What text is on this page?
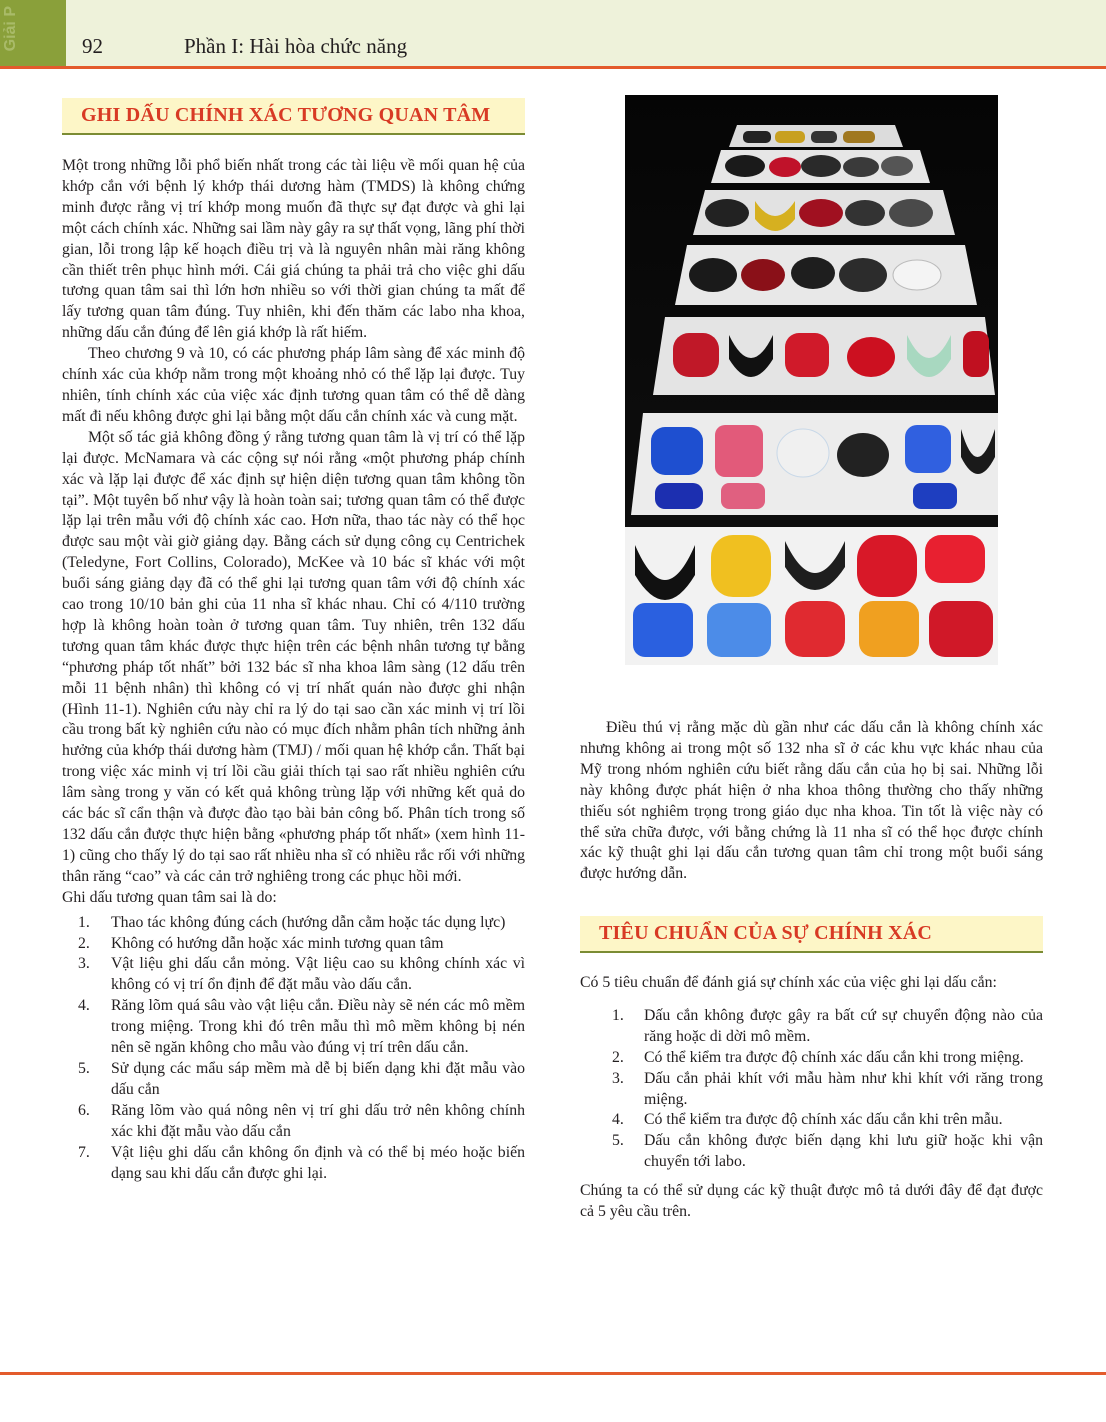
Giải P	92	Phần I: Hài hòa chức năng
GHI DẤU CHÍNH XÁC TƯƠNG QUAN TÂM

Một trong những lỗi phổ biến nhất trong các tài liệu về mối quan hệ của khớp cắn với bệnh lý khớp thái dương hàm (TMDS) là không chứng minh được rằng vị trí khớp mong muốn đã thực sự đạt được và ghi lại một cách chính xác. Những sai lầm này gây ra sự thất vọng, lãng phí thời gian, lỗi trong lập kế hoạch điều trị và là nguyên nhân mài răng không cần thiết trên phục hình mới. Cái giá chúng ta phải trả cho việc ghi dấu tương quan tâm sai thì lớn hơn nhiều so với thời gian chúng ta mất để lấy tương quan tâm đúng. Tuy nhiên, khi đến thăm các labo nha khoa, những dấu cắn đúng để lên giá khớp là rất hiếm.

Theo chương 9 và 10, có các phương pháp lâm sàng để xác minh độ chính xác của khớp nằm trong một khoảng nhỏ có thể lặp lại được. Tuy nhiên, tính chính xác của việc xác định tương quan tâm có thể dễ dàng mất đi nếu không được ghi lại bằng một dấu cắn chính xác và cung mặt.

Một số tác giả không đồng ý rằng tương quan tâm là vị trí có thể lặp lại được. McNamara và các cộng sự nói rằng «một phương pháp chính xác và lặp lại được để xác định sự hiện diện tương quan tâm không tồn tại”. Một tuyên bố như vậy là hoàn toàn sai; tương quan tâm có thể được lặp lại trên mẫu với độ chính xác cao. Hơn nữa, thao tác này có thể học được sau một vài giờ giảng dạy. Bằng cách sử dụng công cụ Centrichek (Teledyne, Fort Collins, Colorado), McKee và 10 bác sĩ khác với một buổi sáng giảng dạy đã có thể ghi lại tương quan tâm với độ chính xác cao trong 10/10 bản ghi của 11 nha sĩ khác nhau. Chỉ có 4/110 trường hợp là không hoàn toàn ở tương quan tâm. Tuy nhiên, trên 132 dấu tương quan tâm khác được thực hiện trên các bệnh nhân tương tự bằng “phương pháp tốt nhất” bởi 132 bác sĩ nha khoa lâm sàng (12 dấu trên mỗi 11 bệnh nhân) thì không có vị trí nhất quán nào được ghi nhận (Hình 11-1). Nghiên cứu này chỉ ra lý do tại sao cần xác minh vị trí lồi cầu trong bất kỳ nghiên cứu nào có mục đích nhằm phân tích những ảnh hưởng của khớp thái dương hàm (TMJ) / mối quan hệ khớp cắn. Thất bại trong việc xác minh vị trí lồi cầu giải thích tại sao rất nhiều nghiên cứu lâm sàng trong y văn có kết quả không trùng lặp với những kết quả do các bác sĩ cẩn thận và được đào tạo bài bản công bố. Phân tích trong số 132 dấu cắn được thực hiện bằng «phương pháp tốt nhất» (xem hình 11-1) cũng cho thấy lý do tại sao rất nhiều nha sĩ có nhiều rắc rối với những thân răng “cao” và các cản trở nghiêng trong các phục hồi mới.

Ghi dấu tương quan tâm sai là do:

1. Thao tác không đúng cách (hướng dẫn cằm hoặc tác dụng lực)
2. Không có hướng dẫn hoặc xác minh tương quan tâm
3. Vật liệu ghi dấu cắn mỏng. Vật liệu cao su không chính xác vì không có vị trí ổn định để đặt mẫu vào dấu cắn.
4. Răng lõm quá sâu vào vật liệu cắn. Điều này sẽ nén các mô mềm trong miệng. Trong khi đó trên mẫu thì mô mềm không bị nén nên sẽ ngăn không cho mẫu vào đúng vị trí trên dấu cắn.
5. Sử dụng các mẩu sáp mềm mà dễ bị biến dạng khi đặt mẫu vào dấu cắn
6. Răng lõm vào quá nông nên vị trí ghi dấu trở nên không chính xác khi đặt mẫu vào dấu cắn
7. Vật liệu ghi dấu cắn không ổn định và có thể bị méo hoặc biến dạng sau khi dấu cắn được ghi lại.

Điều thú vị rằng mặc dù gần như các dấu cắn là không chính xác nhưng không ai trong một số 132 nha sĩ ở các khu vực khác nhau của Mỹ trong nhóm nghiên cứu biết rằng dấu cắn của họ bị sai. Những lỗi này không được phát hiện ở nha khoa thông thường cho thấy những thiếu sót nghiêm trọng trong giáo dục nha khoa. Tin tốt là việc này có thể sửa chữa được, với bằng chứng là 11 nha sĩ có thể học được chính xác kỹ thuật ghi lại dấu cắn tương quan tâm chỉ trong một buổi sáng được hướng dẫn.

TIÊU CHUẨN CỦA SỰ CHÍNH XÁC

Có 5 tiêu chuẩn để đánh giá sự chính xác của việc ghi lại dấu cắn:

1. Dấu cắn không được gây ra bất cứ sự chuyển động nào của răng hoặc di dời mô mềm.
2. Có thể kiểm tra được độ chính xác dấu cắn khi trong miệng.
3. Dấu cắn phải khít với mẫu hàm như khi khít với răng trong miệng.
4. Có thể kiểm tra được độ chính xác dấu cắn khi trên mẫu.
5. Dấu cắn không được biến dạng khi lưu giữ hoặc khi vận chuyển tới labo.

Chúng ta có thể sử dụng các kỹ thuật được mô tả dưới đây để đạt được cả 5 yêu cầu trên.
